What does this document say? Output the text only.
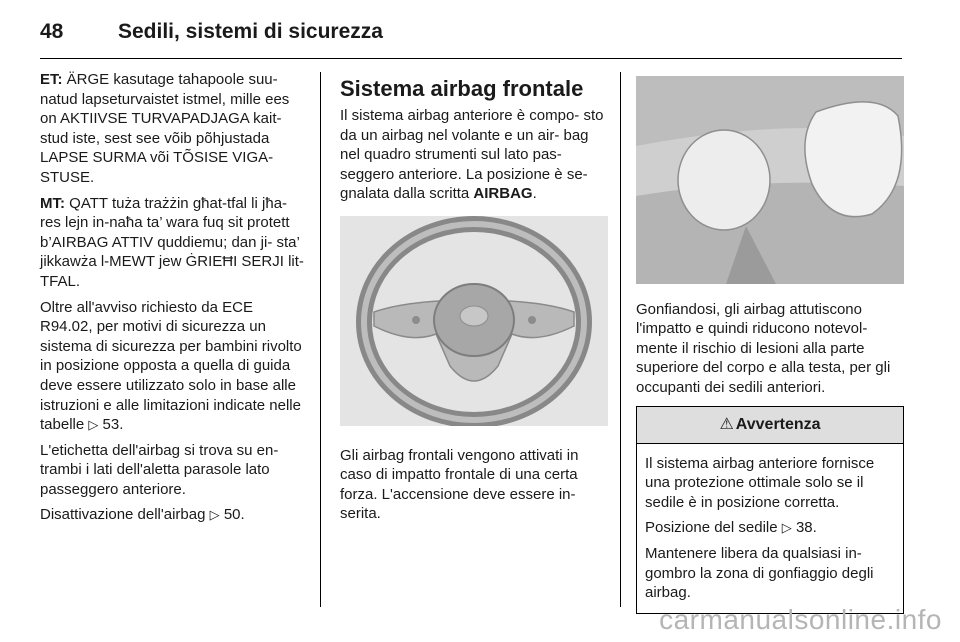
48	Sedili, sistemi di sicurezza

ET: ÄRGE kasutage tahapoole suu- natud lapseturvaistet istmel, mille ees on AKTIIVSE TURVAPADJAGA kait- stud iste, sest see võib põhjustada LAPSE SURMA või TÕSISE VIGA- STUSE.

MT: QATT tuża trażżin għat-tfal li jħa- res lejn in-naħa ta’ wara fuq sit protett b’AIRBAG ATTIV quddiemu; dan ji- sta’ jikkawża l-MEWT jew ĠRIEĦI SERJI lit-TFAL.

Oltre all'avviso richiesto da ECE R94.02, per motivi di sicurezza un sistema di sicurezza per bambini rivolto in posizione opposta a quella di guida deve essere utilizzato solo in base alle istruzioni e alle limitazioni indicate nelle tabelle ▷ 53.

L'etichetta dell'airbag si trova su en- trambi i lati dell'aletta parasole lato passeggero anteriore.

Disattivazione dell'airbag ▷ 50.

Sistema airbag frontale

Il sistema airbag anteriore è compo- sto da un airbag nel volante e un air- bag nel quadro strumenti sul lato pas- seggero anteriore. La posizione è se- gnalata dalla scritta AIRBAG.

Gli airbag frontali vengono attivati in caso di impatto frontale di una certa forza. L'accensione deve essere in- serita.

Gonfiandosi, gli airbag attutiscono l'impatto e quindi riducono notevol- mente il rischio di lesioni alla parte superiore del corpo e alla testa, per gli occupanti dei sedili anteriori.

⚠ Avvertenza

Il sistema airbag anteriore fornisce una protezione ottimale solo se il sedile è in posizione corretta.

Posizione del sedile ▷ 38.

Mantenere libera da qualsiasi in- gombro la zona di gonfiaggio degli airbag.

carmanualsonline.info
